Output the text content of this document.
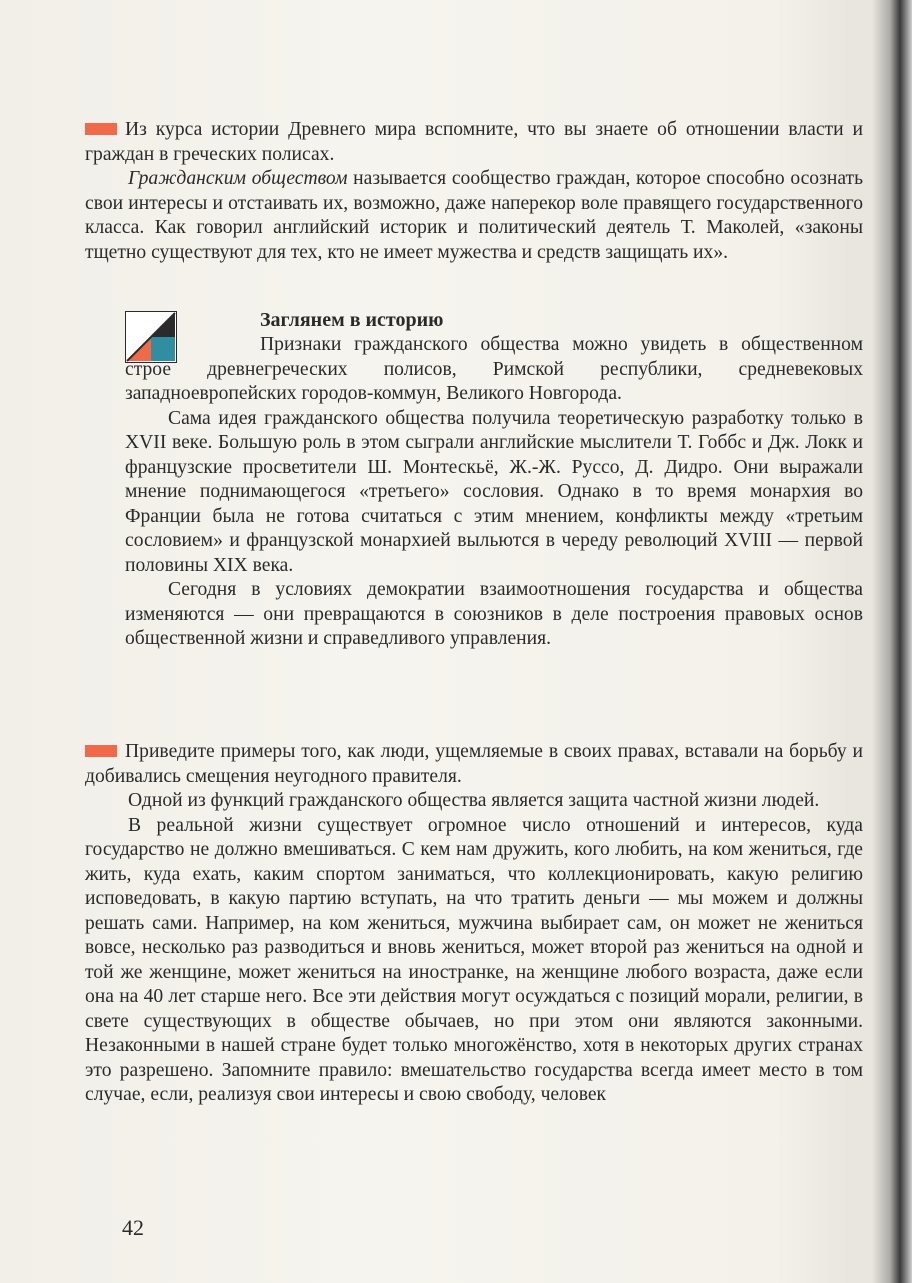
Из курса истории Древнего мира вспомните, что вы знаете об отношении власти и граждан в греческих полисах.

Гражданским обществом называется сообщество граждан, которое способно осознать свои интересы и отстаивать их, возможно, даже наперекор воле правящего государственного класса. Как говорил английский историк и политический деятель Т. Маколей, «законы тщетно существуют для тех, кто не имеет мужества и средств защищать их».

Заглянем в историю

Признаки гражданского общества можно увидеть в общественном строе древнегреческих полисов, Римской республики, средневековых западноевропейских городов-коммун, Великого Новгорода.

Сама идея гражданского общества получила теоретическую разработку только в XVII веке. Большую роль в этом сыграли английские мыслители Т. Гоббс и Дж. Локк и французские просветители Ш. Монтескьё, Ж.-Ж. Руссо, Д. Дидро. Они выражали мнение поднимающегося «третьего» сословия. Однако в то время монархия во Франции была не готова считаться с этим мнением, конфликты между «третьим сословием» и французской монархией выльются в череду революций XVIII — первой половины XIX века.

Сегодня в условиях демократии взаимоотношения государства и общества изменяются — они превращаются в союзников в деле построения правовых основ общественной жизни и справедливого управления.

Приведите примеры того, как люди, ущемляемые в своих правах, вставали на борьбу и добивались смещения неугодного правителя.

Одной из функций гражданского общества является защита частной жизни людей.

В реальной жизни существует огромное число отношений и интересов, куда государство не должно вмешиваться. С кем нам дружить, кого любить, на ком жениться, где жить, куда ехать, каким спортом заниматься, что коллекционировать, какую религию исповедовать, в какую партию вступать, на что тратить деньги — мы можем и должны решать сами. Например, на ком жениться, мужчина выбирает сам, он может не жениться вовсе, несколько раз разводиться и вновь жениться, может второй раз жениться на одной и той же женщине, может жениться на иностранке, на женщине любого возраста, даже если она на 40 лет старше него. Все эти действия могут осуждаться с позиций морали, религии, в свете существующих в обществе обычаев, но при этом они являются законными. Незаконными в нашей стране будет только многожёнство, хотя в некоторых других странах это разрешено. Запомните правило: вмешательство государства всегда имеет место в том случае, если, реализуя свои интересы и свою свободу, человек

42
